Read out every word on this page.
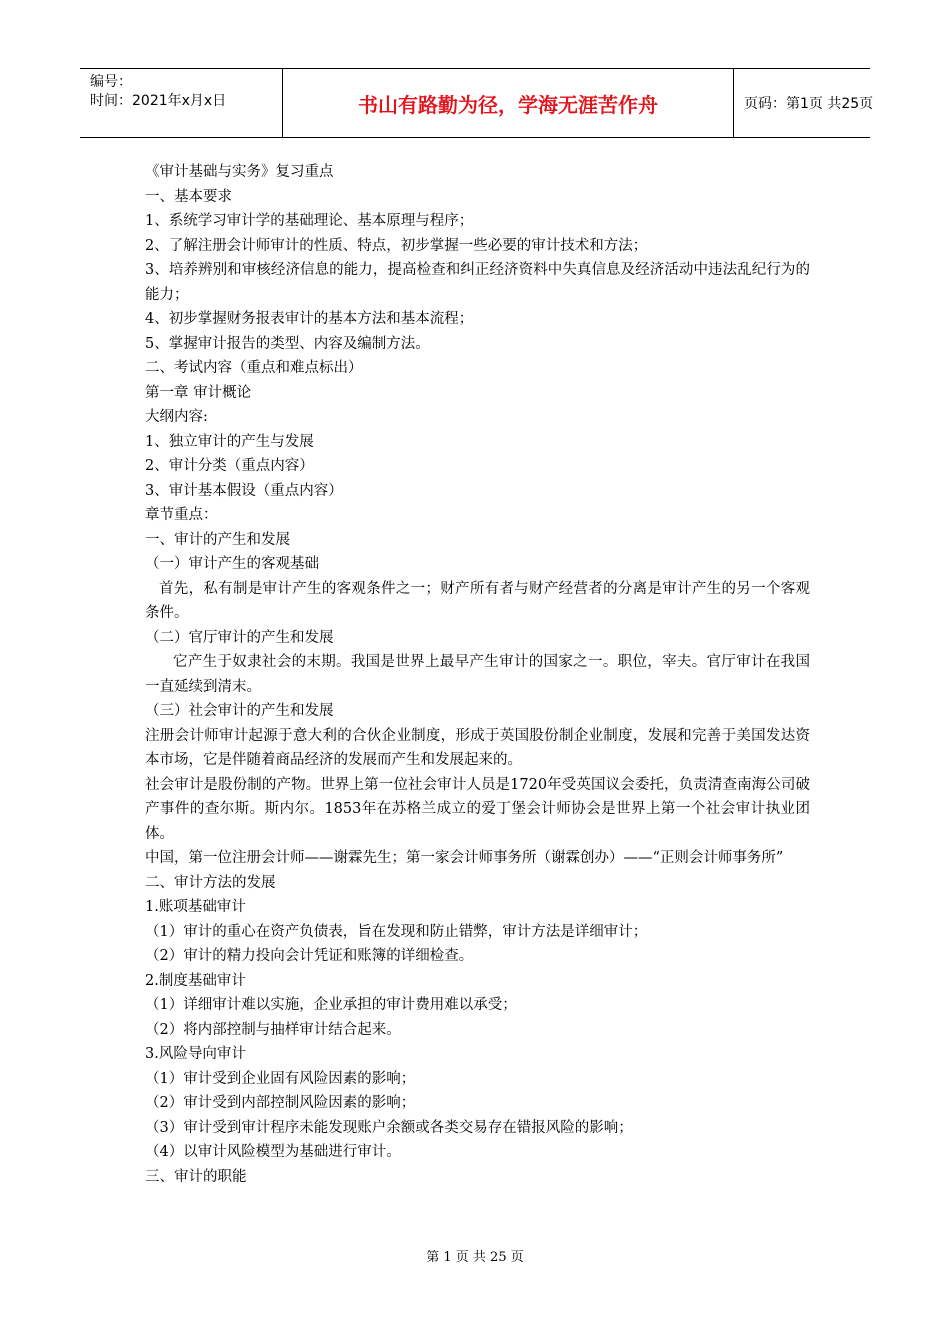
编号：
时间：2021年x月x日	书山有路勤为径，学海无涯苦作舟	页码：第1页 共25页
《审计基础与实务》复习重点
一、基本要求
1、系统学习审计学的基础理论、基本原理与程序；
2、了解注册会计师审计的性质、特点，初步掌握一些必要的审计技术和方法；
3、培养辨别和审核经济信息的能力，提高检查和纠正经济资料中失真信息及经济活动中违法乱纪行为的能力；
4、初步掌握财务报表审计的基本方法和基本流程；
5、掌握审计报告的类型、内容及编制方法。
二、考试内容（重点和难点标出）
第一章 审计概论
大纲内容:
1、独立审计的产生与发展
2、审计分类（重点内容）
3、审计基本假设（重点内容）
章节重点：
一、审计的产生和发展
（一）审计产生的客观基础
首先，私有制是审计产生的客观条件之一；财产所有者与财产经营者的分离是审计产生的另一个客观条件。
（二）官厅审计的产生和发展
它产生于奴隶社会的末期。我国是世界上最早产生审计的国家之一。职位，宰夫。官厅审计在我国一直延续到清末。
（三）社会审计的产生和发展
注册会计师审计起源于意大利的合伙企业制度，形成于英国股份制企业制度，发展和完善于美国发达资本市场，它是伴随着商品经济的发展而产生和发展起来的。
社会审计是股份制的产物。世界上第一位社会审计人员是1720年受英国议会委托，负责清查南海公司破产事件的查尔斯。斯内尔。1853年在苏格兰成立的爱丁堡会计师协会是世界上第一个社会审计执业团体。
中国，第一位注册会计师——谢霖先生；第一家会计师事务所（谢霖创办）——“正则会计师事务所”
二、审计方法的发展
1.账项基础审计
（1）审计的重心在资产负债表，旨在发现和防止错弊，审计方法是详细审计；
（2）审计的精力投向会计凭证和账簿的详细检查。
2.制度基础审计
（1）详细审计难以实施，企业承担的审计费用难以承受；
（2）将内部控制与抽样审计结合起来。
3.风险导向审计
（1）审计受到企业固有风险因素的影响；
（2）审计受到内部控制风险因素的影响；
（3）审计受到审计程序未能发现账户余额或各类交易存在错报风险的影响；
（4）以审计风险模型为基础进行审计。
三、审计的职能
第 1 页 共 25 页
